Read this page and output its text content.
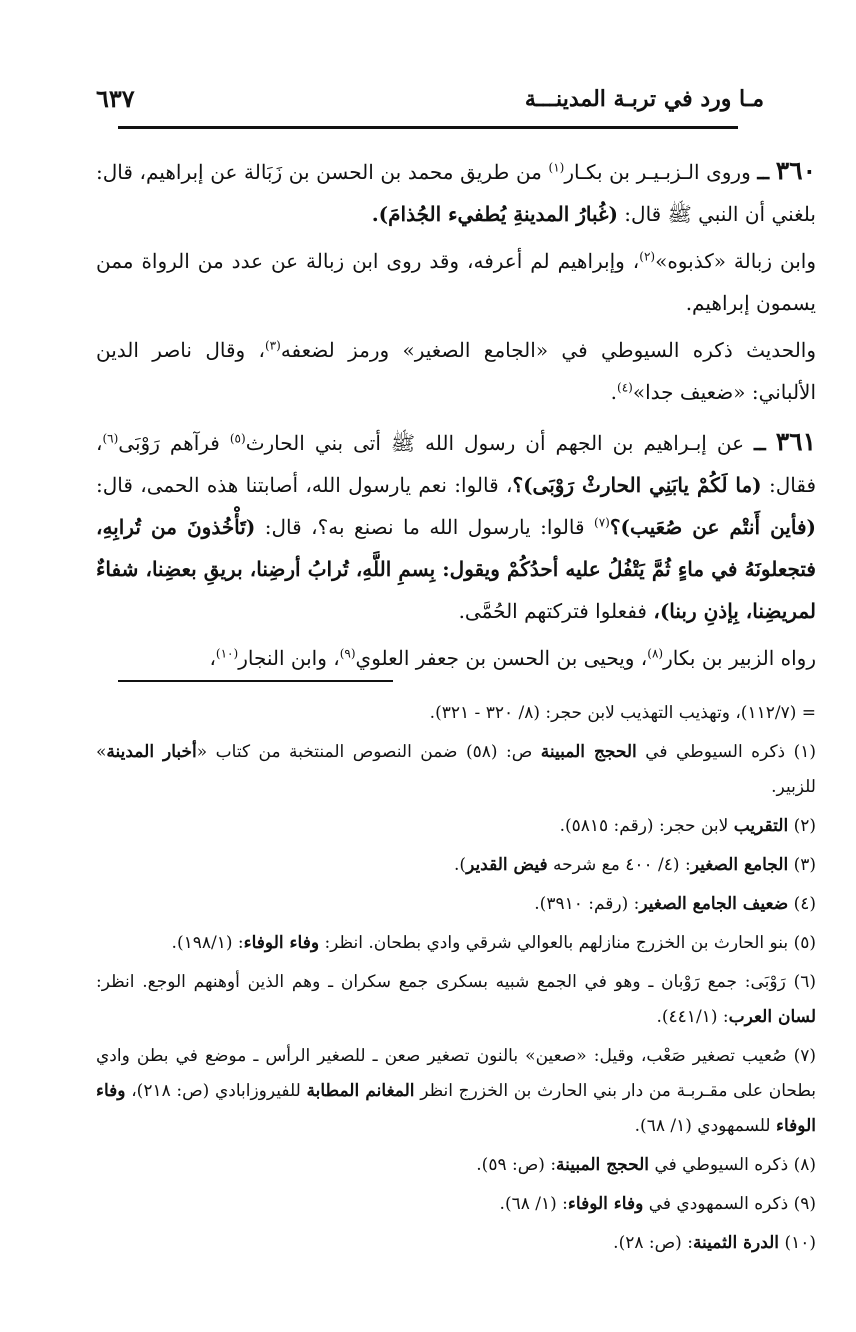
مـا ورد في تربـة المدينـــة
٦٣٧

٣٦٠ ــ وروى الـزبـيـر بن بكـار$^{(١)}$ من طريق محمد بن الحسن بن زَبَالة عن إبراهيم، قال: بلغني أن النبي ﷺ قال: (غُبارُ المدينةِ يُطفيء الجُذامَ).

وابن زبالة «كذبوه»$^{(٢)}$، وإبراهيم لم أعرفه، وقد روى ابن زبالة عن عدد من الرواة ممن يسمون إبراهيم.

والحديث ذكره السيوطي في «الجامع الصغير» ورمز لضعفه$^{(٣)}$، وقال ناصر الدين الألباني: «ضعيف جدا»$^{(٤)}$.

٣٦١ ــ عن إبـراهيم بن الجهم أن رسول الله ﷺ أتى بني الحارث$^{(٥)}$ فرآهم رَوْبَى$^{(٦)}$، فقال: (ما لَكُمْ يابَنِي الحارثْ رَوْبَى)؟، قالوا: نعم يارسول الله، أصابتنا هذه الحمى، قال: (فأين أَنتْم عن صُعَيب)؟$^{(٧)}$ قالوا: يارسول الله ما نصنع به؟، قال: (تَأْخُذونَ من تُرابِهِ، فتجعلونَهُ في ماءٍ ثُمَّ يَتْفُلُ عليه أحدُكُمْ ويقول: بِسمِ اللَّهِ، تُرابُ أرضِنا، بريقِ بعضِنا، شفاءٌ لمريضِنا، بِإذنِ ربنا)، ففعلوا فتركتهم الحُمَّى.

رواه الزبير بن بكار$^{(٨)}$، ويحيى بن الحسن بن جعفر العلوي$^{(٩)}$، وابن النجار$^{(١٠)}$،

= (١١٢/٧)، وتهذيب التهذيب لابن حجر: (٨/ ٣٢٠ - ٣٢١).

(١) ذكره السيوطي في الحجج المبينة ص: (٥٨) ضمن النصوص المنتخبة من كتاب «أخبار المدينة» للزبير.

(٢) التقريب لابن حجر: (رقم: ٥٨١٥).

(٣) الجامع الصغير: (٤/ ٤٠٠ مع شرحه فيض القدير).

(٤) ضعيف الجامع الصغير: (رقم: ٣٩١٠).

(٥) بنو الحارث بن الخزرج منازلهم بالعوالي شرقي وادي بطحان. انظر: وفاء الوفاء: (١٩٨/١).

(٦) رَوْبَى: جمع رَوْبان ـ وهو في الجمع شبيه بسكرى جمع سكران ـ وهم الذين أوهنهم الوجع. انظر: لسان العرب: (٤٤١/١).

(٧) صُعيب تصغير صَعْب، وقيل: «صعين» بالنون تصغير صعن ـ للصغير الرأس ـ موضع في بطن وادي بطحان على مقـربـة من دار بني الحارث بن الخزرج انظر المغانم المطابة للفيروزابادي (ص: ٢١٨)، وفاء الوفاء للسمهودي (١/ ٦٨).

(٨) ذكره السيوطي في الحجج المبينة: (ص: ٥٩).

(٩) ذكره السمهودي في وفاء الوفاء: (١/ ٦٨).

(١٠) الدرة الثمينة: (ص: ٢٨).
